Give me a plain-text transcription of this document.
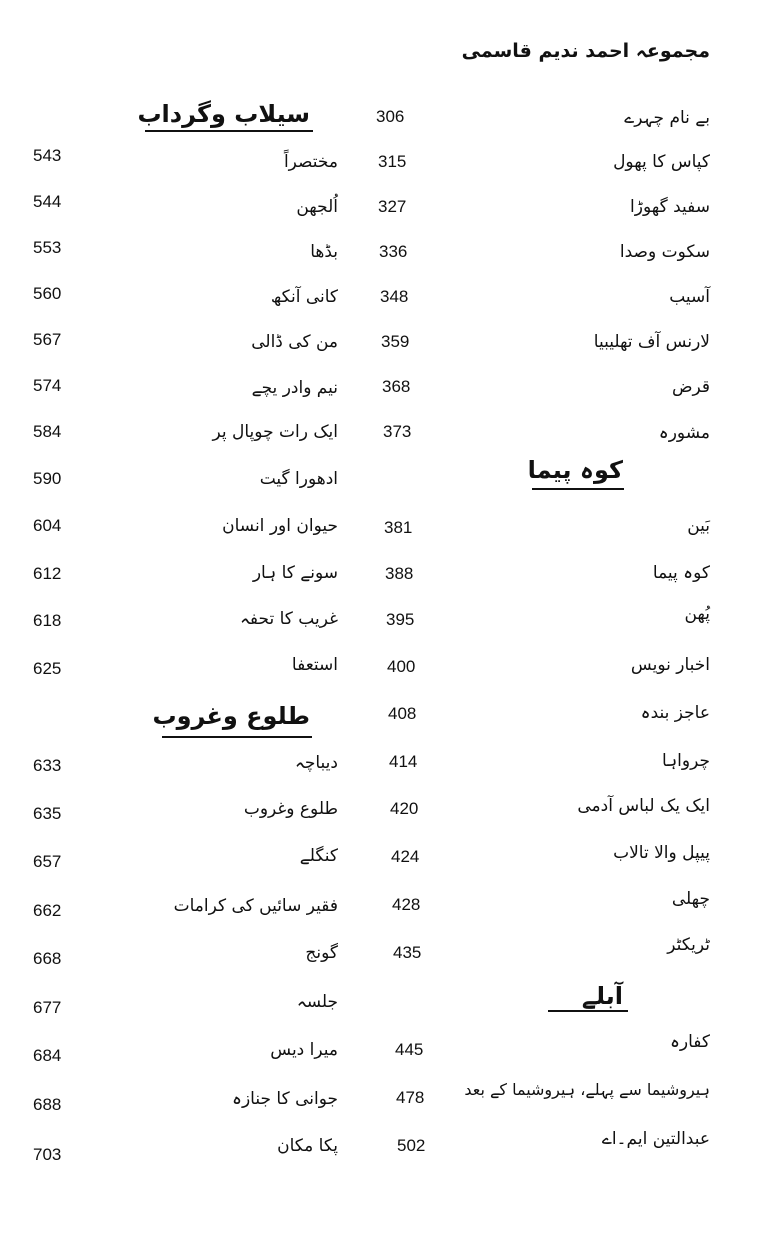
مجموعہ احمد ندیم قاسمی
سیلاب وگرداب
کوہ پیما
طلوع وغروب
آبلے
بے نام چہرے
کپاس کا پھول
سفید گھوڑا
سکوت وصدا
آسیب
لارنس آف تھلیبیا
قرض
مشورہ
بَین
کوہ پیما
پُھن
اخبار نویس
عاجز بندہ
چرواہا
ایک یک لباس آدمی
پیپل والا تالاب
چھلی
ٹریکٹر
کفارہ
ہیروشیما سے پہلے، ہیروشیما کے بعد
عبدالتین ایم۔اے
306
315
327
336
348
359
368
373
381
388
395
400
408
414
420
424
428
435
445
478
502
مختصراً
اُلجھن
بڈھا
کانی آنکھ
من کی ڈالی
نیم وادر یچے
ایک رات چوپال پر
ادھورا گیت
حیوان اور انسان
سونے کا ہار
غریب کا تحفہ
استعفا
دیباچہ
طلوع وغروب
کنگلے
فقیر سائیں کی کرامات
گونج
جلسہ
میرا دیس
جوانی کا جنازہ
پکا مکان
543
544
553
560
567
574
584
590
604
612
618
625
633
635
657
662
668
677
684
688
703
